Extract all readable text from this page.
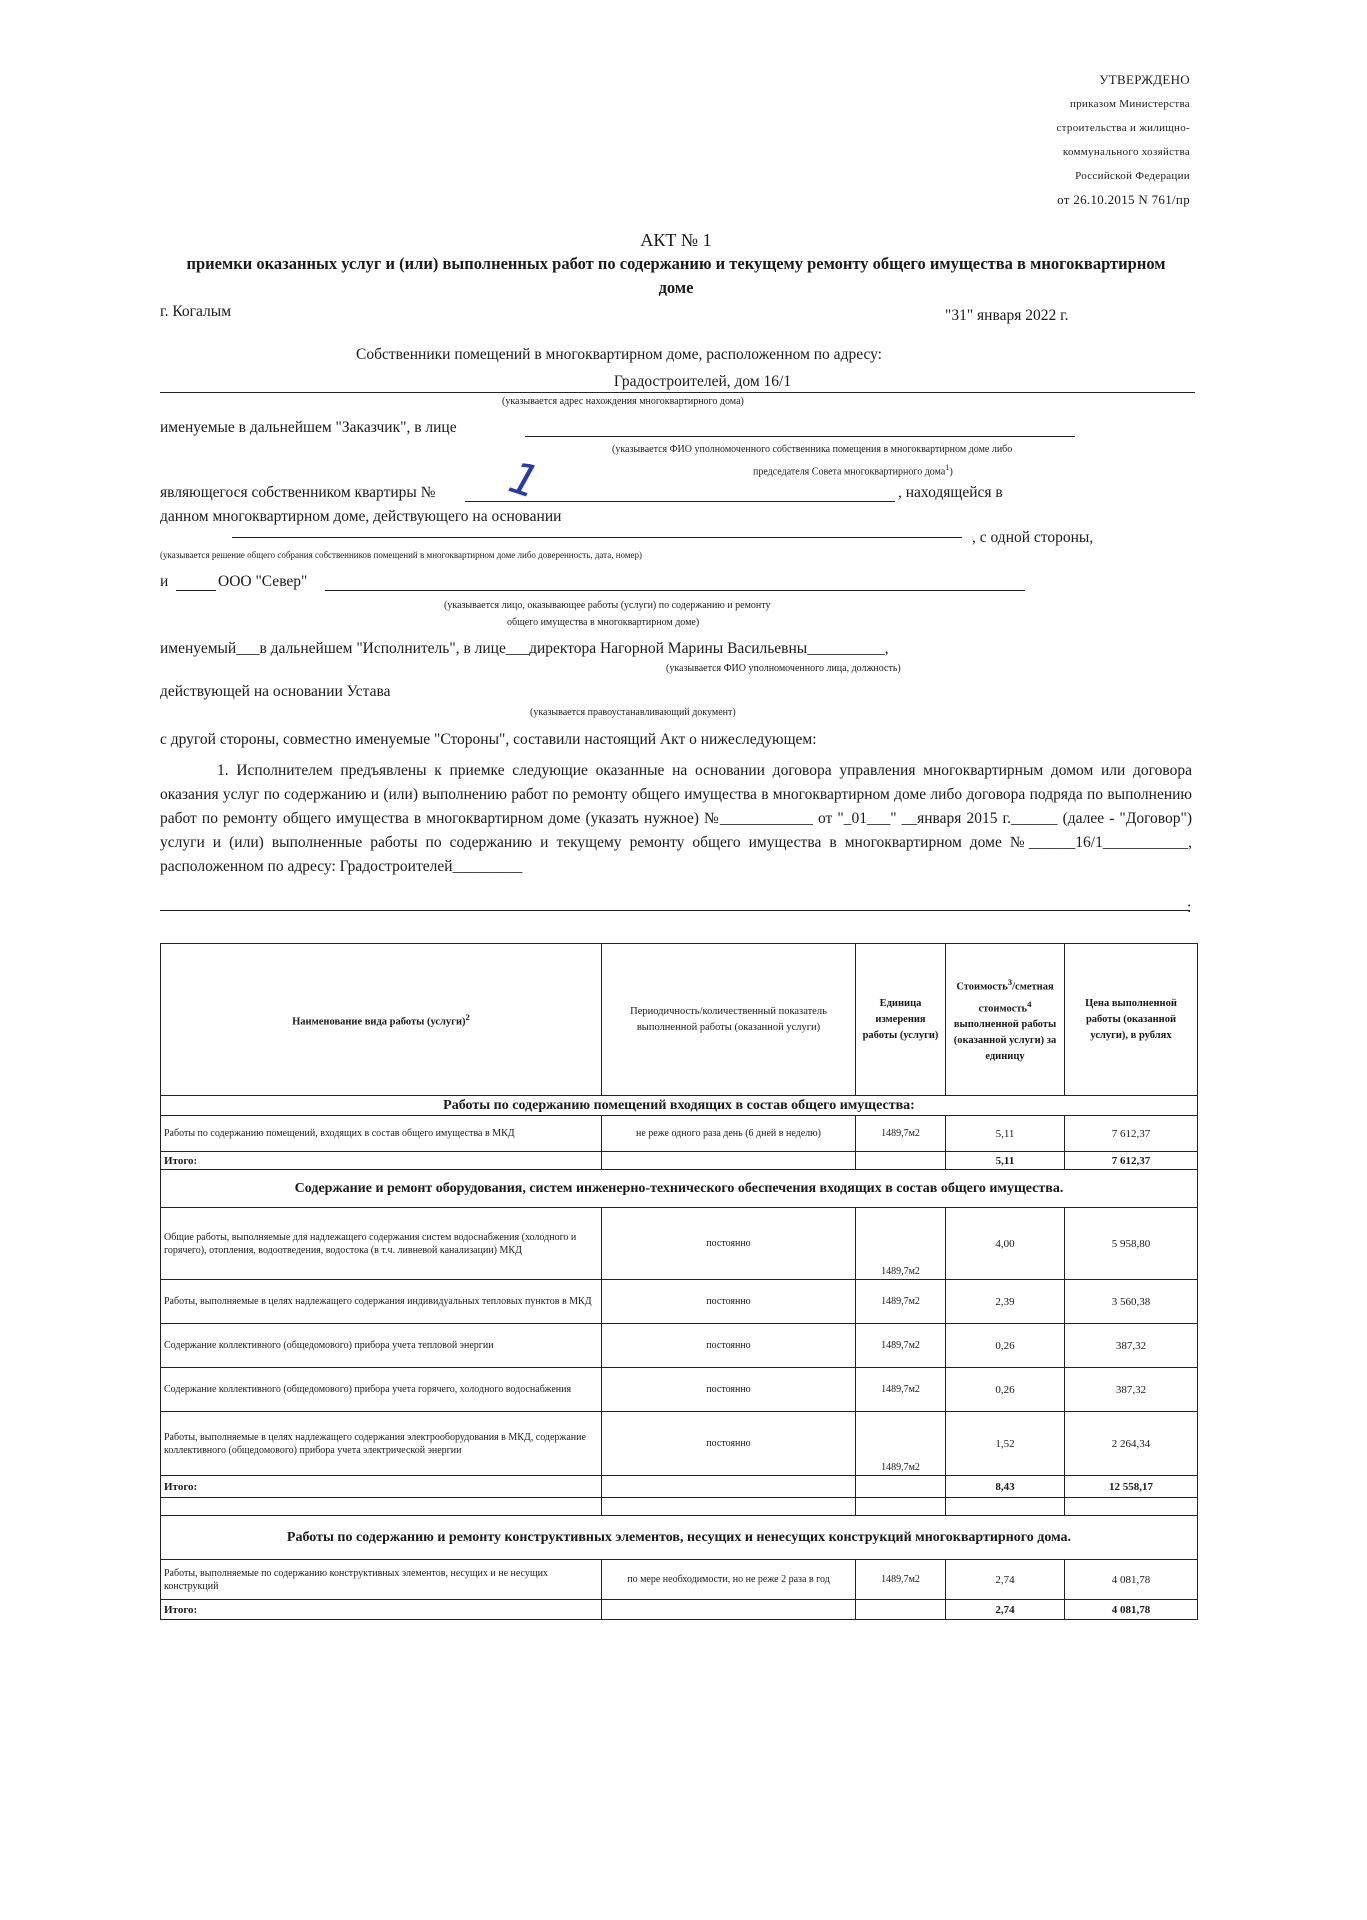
УТВЕРЖДЕНО
приказом Министерства
строительства и жилищно-
коммунального хозяйства
Российской Федерации
от 26.10.2015 N 761/пр
АКТ № 1
приемки оказанных услуг и (или) выполненных работ по содержанию и текущему ремонту общего имущества в многоквартирном доме
г. Когалым	"31" января 2022 г.
Собственники помещений в многоквартирном доме, расположенном по адресу:
Градостроителей, дом 16/1
(указывается адрес нахождения многоквартирного дома)
именуемые в дальнейшем "Заказчик", в лице
(указывается ФИО уполномоченного собственника помещения в многоквартирном доме либо
председателя Совета многоквартирного дома$^1$)
являющегося собственником квартиры № 1	, находящейся в
данном многоквартирном доме, действующего на основании
, с одной стороны,
(указывается решение общего собрания собственников помещений в многоквартирном доме либо доверенность, дата, номер)
и	ООО "Север"
(указывается лицо, оказывающее работы (услуги) по содержанию и ремонту
общего имущества в многоквартирном доме)
именуемый___в дальнейшем "Исполнитель", в лице___директора Нагорной Марины Васильевны__________,
(указывается ФИО уполномоченного лица, должность)
действующей на основании Устава
(указывается правоустанавливающий документ)
с другой стороны, совместно именуемые "Стороны", составили настоящий Акт о нижеследующем:
1. Исполнителем предъявлены к приемке следующие оказанные на основании договора управления многоквартирным домом или договора оказания услуг по содержанию и (или) выполнению работ по ремонту общего имущества в многоквартирном доме либо договора подряда по выполнению работ по ремонту общего имущества в многоквартирном доме (указать нужное) №____________ от "_01___" __января 2015 г.______ (далее - "Договор") услуги и (или) выполненные работы по содержанию и текущему ремонту общего имущества в многоквартирном доме №______16/1___________, расположенном по адресу: Градостроителей_________
:
Наименование вида работы (услуги)$^2$	Периодичность/количественный показатель выполненной работы (оказанной услуги)	Единица измерения работы (услуги)	Стоимость$^3$/сметная стоимость$^4$ выполненной работы (оказанной услуги) за единицу	Цена выполненной работы (оказанной услуги), в рублях
Работы по содержанию помещений входящих в состав общего имущества:				
Работы по содержанию помещений, входящих в состав общего имущества в МКД	не реже одного раза день (6 дней в неделю)	1489,7м2	5,11	7 612,37
Итого:			5,11	7 612,37
Содержание и ремонт оборудования, систем инженерно-технического обеспечения входящих в состав общего имущества.				
Общие работы, выполняемые для надлежащего содержания систем водоснабжения (холодного и горячего), отопления, водоотведения, водостока (в т.ч. ливневой канализации) МКД	постоянно	1489,7м2	4,00	5 958,80
Работы, выполняемые в целях надлежащего содержания индивидуальных тепловых пунктов в МКД	постоянно	1489,7м2	2,39	3 560,38
Содержание коллективного (общедомового) прибора учета тепловой энергии	постоянно	1489,7м2	0,26	387,32
Содержание коллективного (общедомового) прибора учета горячего, холодного водоснабжения	постоянно	1489,7м2	0,26	387,32
Работы, выполняемые в целях надлежащего содержания электрооборудования в МКД, содержание коллективного (общедомового) прибора учета электрической энергии	постоянно	1489,7м2	1,52	2 264,34
Итого:			8,43	12 558,17

Работы по содержанию и ремонту конструктивных элементов, несущих и ненесущих конструкций многоквартирного дома.				
Работы, выполняемые по содержанию конструктивных элементов, несущих и не несущих конструкций	по мере необходимости, но не реже 2 раза в год	1489,7м2	2,74	4 081,78
Итого:			2,74	4 081,78
